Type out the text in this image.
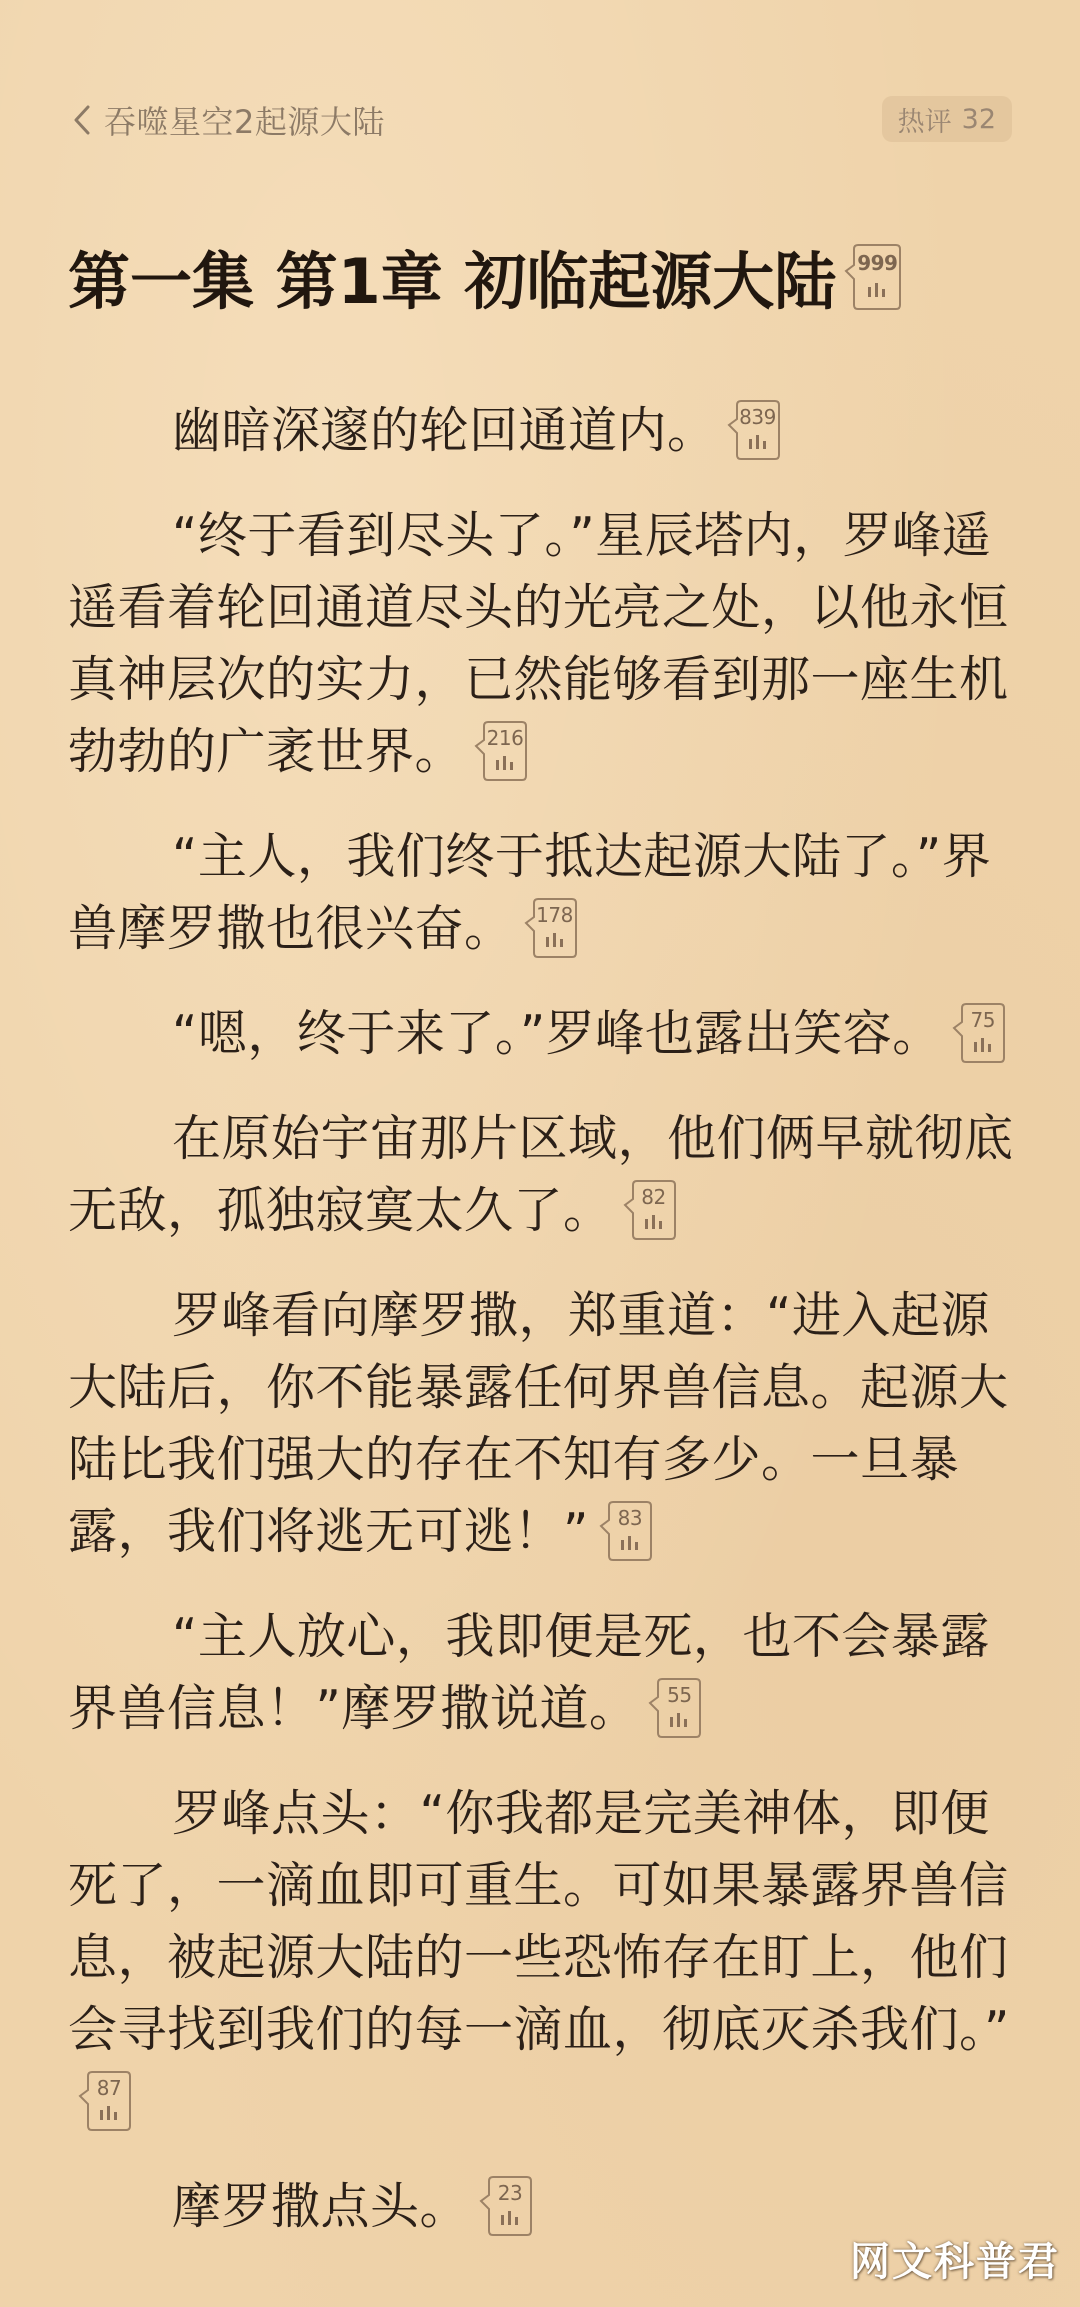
吞噬星空2起源大陆	热评 32
第一集 第1章 初临起源大陆 999

幽暗深邃的轮回通道内。 839

“终于看到尽头了。”星辰塔内，罗峰遥遥看着轮回通道尽头的光亮之处，以他永恒真神层次的实力，已然能够看到那一座生机勃勃的广袤世界。 216

“主人，我们终于抵达起源大陆了。”界兽摩罗撒也很兴奋。 178

“嗯，终于来了。”罗峰也露出笑容。	75

在原始宇宙那片区域，他们俩早就彻底无敌，孤独寂寞太久了。	82

罗峰看向摩罗撒，郑重道：“进入起源大陆后，你不能暴露任何界兽信息。起源大陆比我们强大的存在不知有多少。一旦暴露，我们将逃无可逃！”	83

“主人放心，我即便是死，也不会暴露界兽信息！”摩罗撒说道。	55

罗峰点头：“你我都是完美神体，即便死了，一滴血即可重生。可如果暴露界兽信息，被起源大陆的一些恐怖存在盯上，他们会寻找到我们的每一滴血，彻底灭杀我们。”
87

摩罗撒点头。	23

网文科普君
